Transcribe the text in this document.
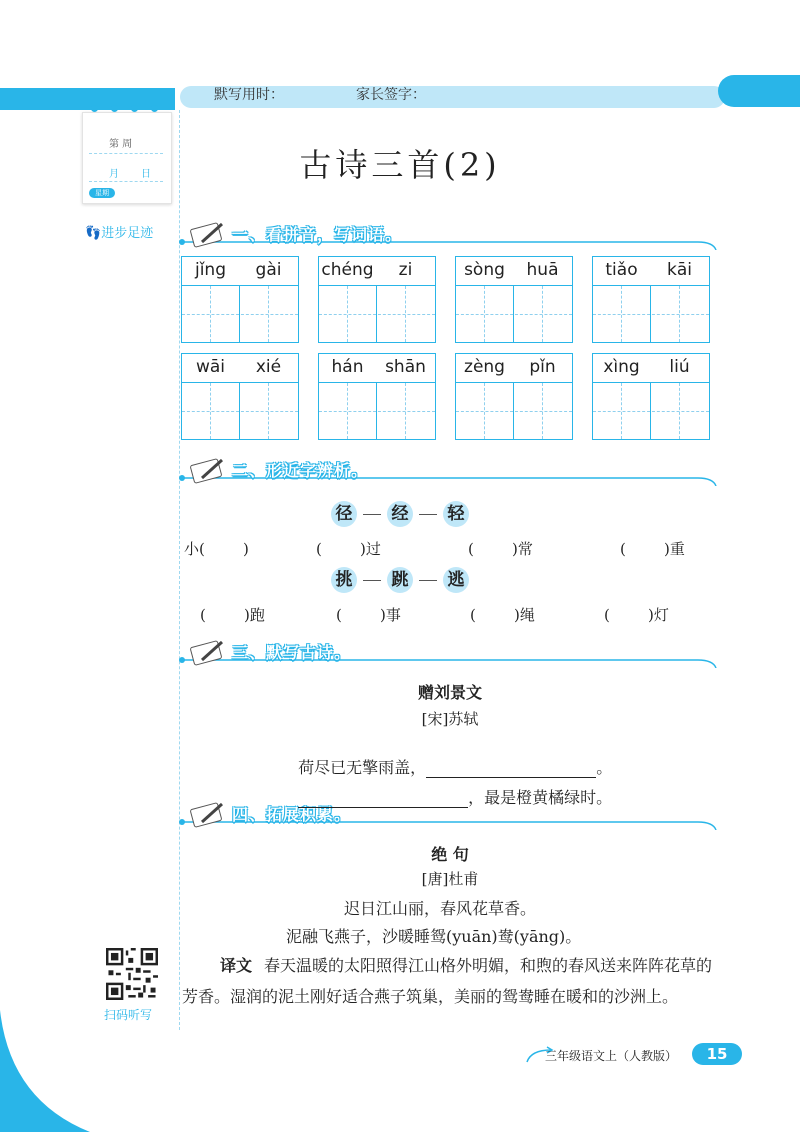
默写用时：	家长签字：
第 周
月 日
星期
👣进步足迹
古诗三首(2)
一、看拼音，写词语。
二、形近字辨析。
三、默写古诗。
四、拓展积累。
jǐng	gài	chéng	zi	sòng	huā	tiǎo	kāi
wāi	xié	hán	shān	zèng	pǐn	xìng	liú
径 经 轻
小(        )	(        )过	(        )常	(        )重
挑 跳 逃
(        )跑	(        )事	(        )绳	(        )灯
赠刘景文
[宋]苏轼

荷尽已无擎雨盖，	。

，最是橙黄橘绿时。

绝 句
[唐]杜甫
迟日江山丽，春风花草香。
泥融飞燕子，沙暖睡鸳(yuān)鸯(yāng)。
译文 春天温暖的太阳照得江山格外明媚，和煦的春风送来阵阵花草的芳香。湿润的泥土刚好适合燕子筑巢，美丽的鸳鸯睡在暖和的沙洲上。
扫码听写
三年级语文上（人教版）	15
